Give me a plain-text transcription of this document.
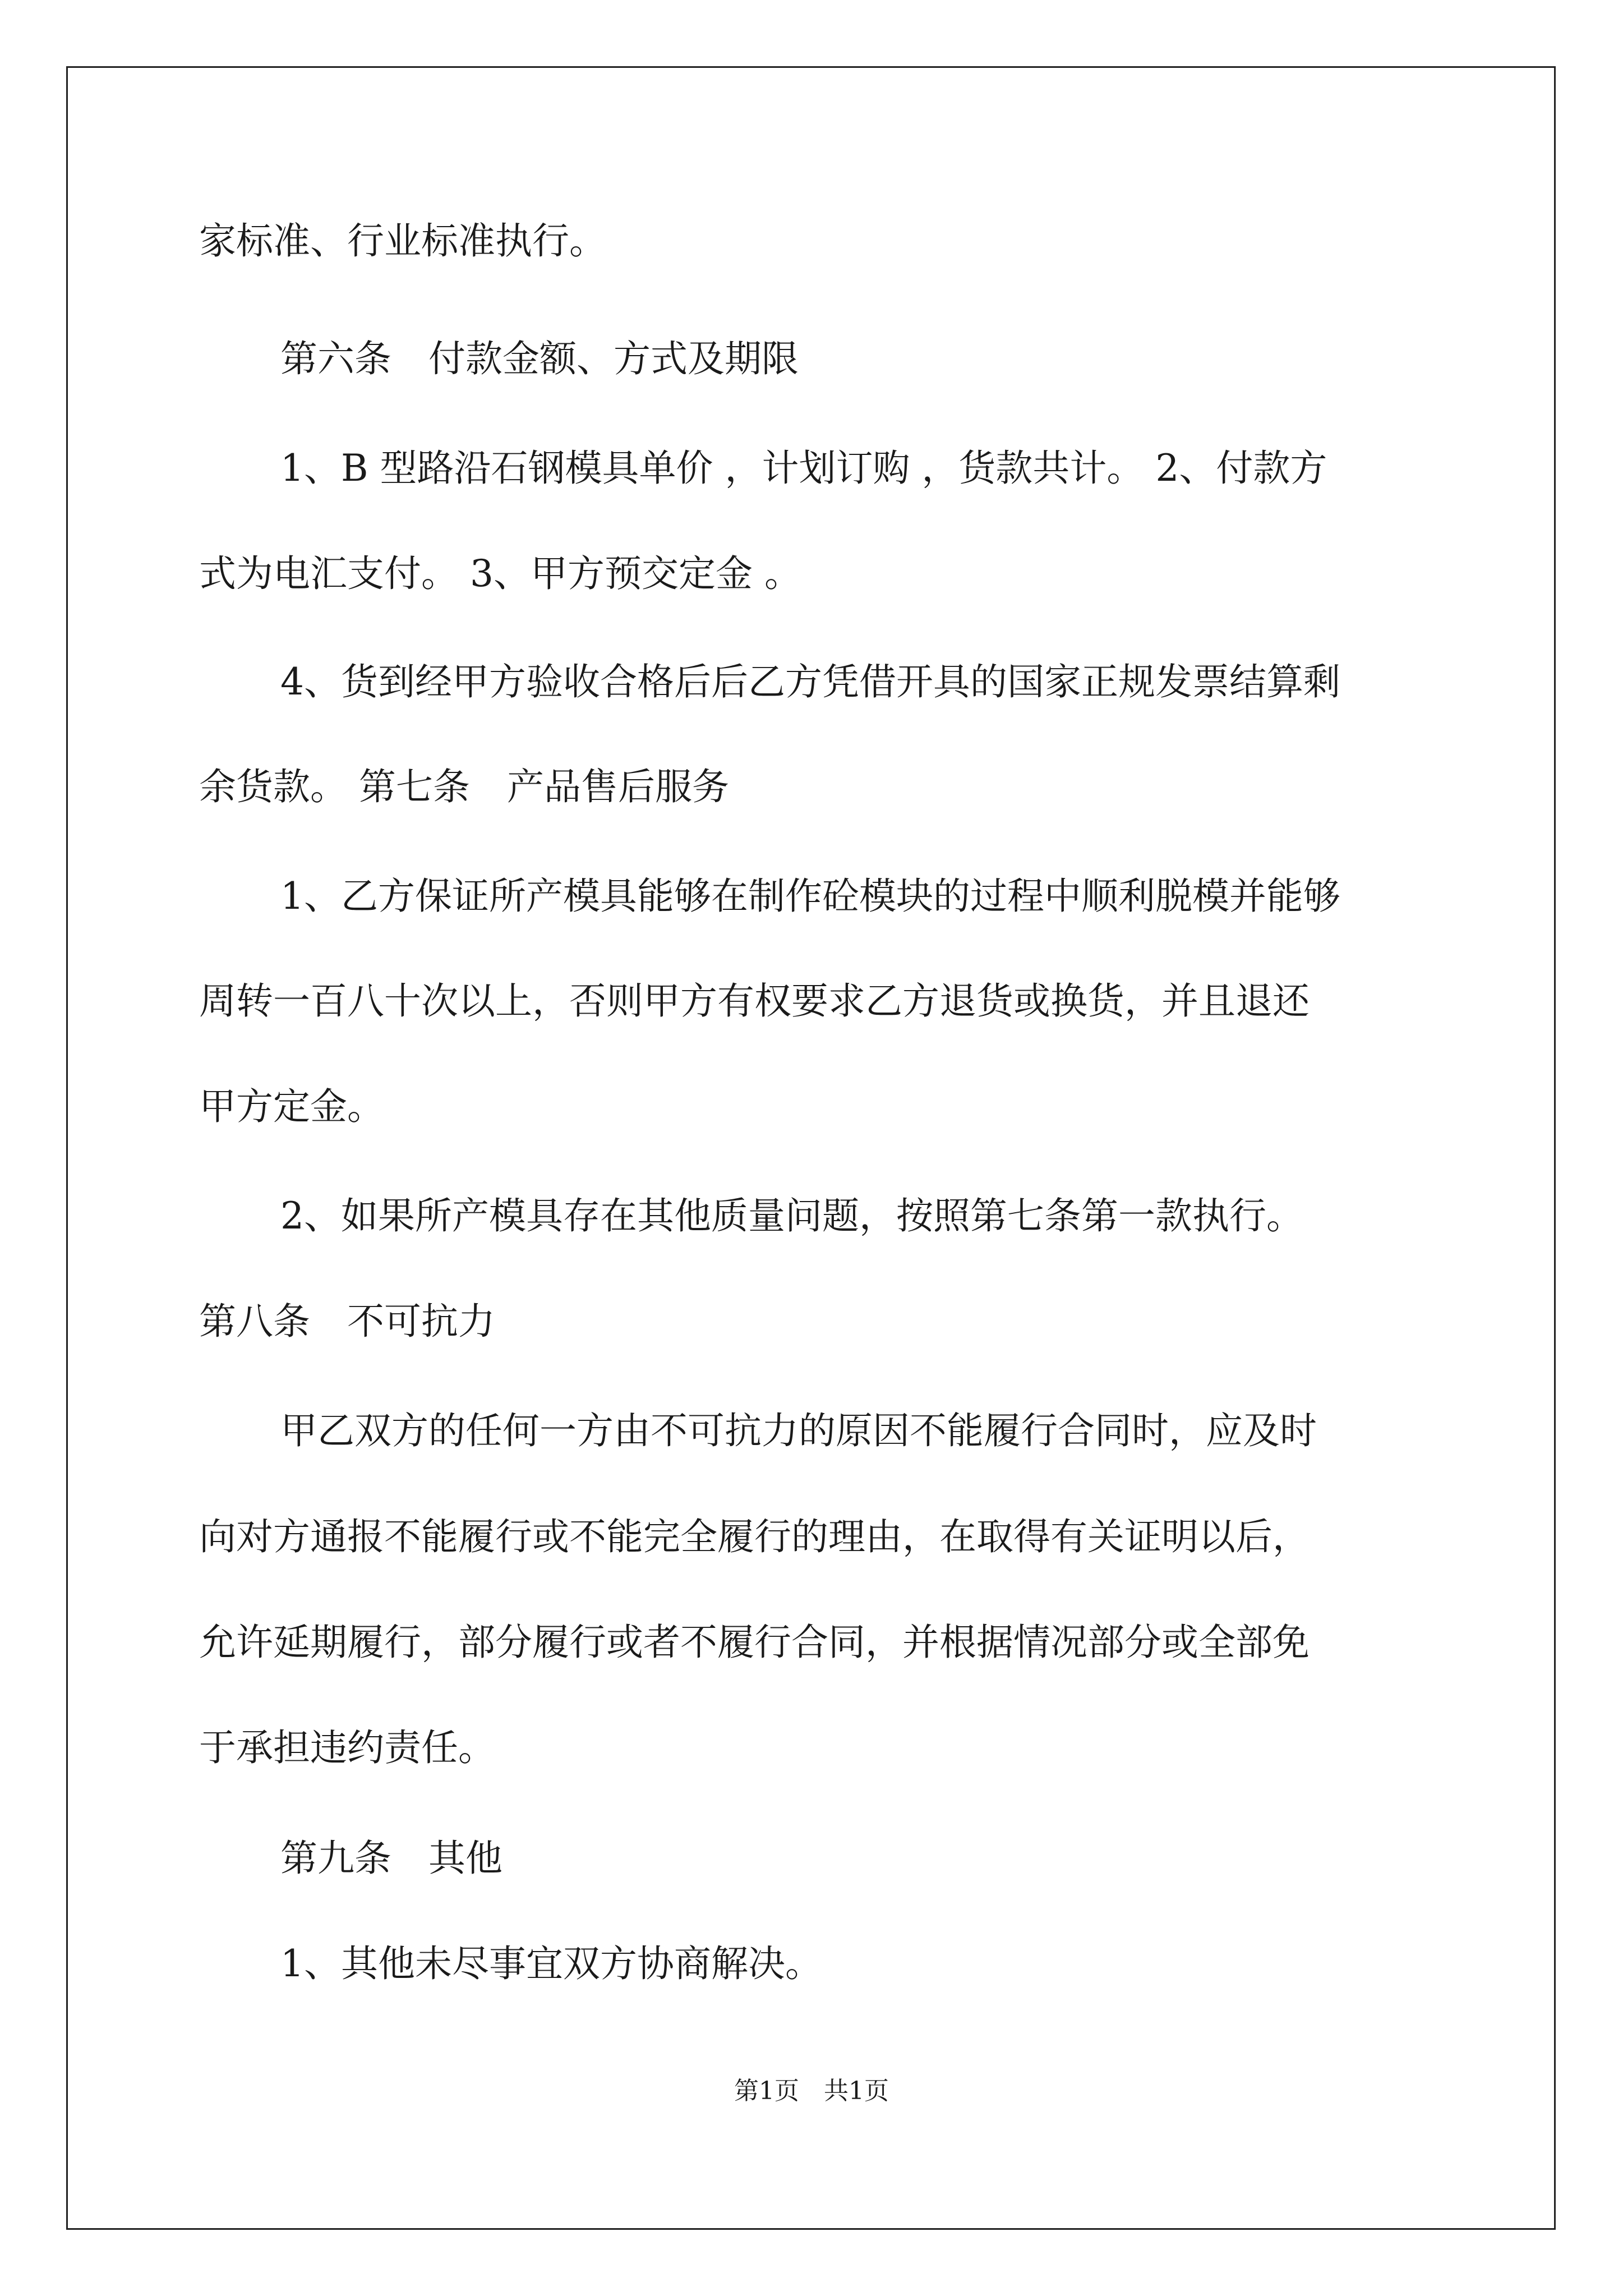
家标准、行业标准执行。
第六条　付款金额、方式及期限
1、B 型路沿石钢模具单价 ，计划订购 ，货款共计。 2、付款方
式为电汇支付。 3、甲方预交定金 。
4、货到经甲方验收合格后后乙方凭借开具的国家正规发票结算剩
余货款。 第七条　产品售后服务
1、乙方保证所产模具能够在制作砼模块的过程中顺利脱模并能够
周转一百八十次以上，否则甲方有权要求乙方退货或换货，并且退还
甲方定金。
2、如果所产模具存在其他质量问题，按照第七条第一款执行。
第八条　不可抗力
甲乙双方的任何一方由不可抗力的原因不能履行合同时，应及时
向对方通报不能履行或不能完全履行的理由，在取得有关证明以后，
允许延期履行，部分履行或者不履行合同，并根据情况部分或全部免
于承担违约责任。
第九条　其他
1、其他未尽事宜双方协商解决。
第1页　共1页
